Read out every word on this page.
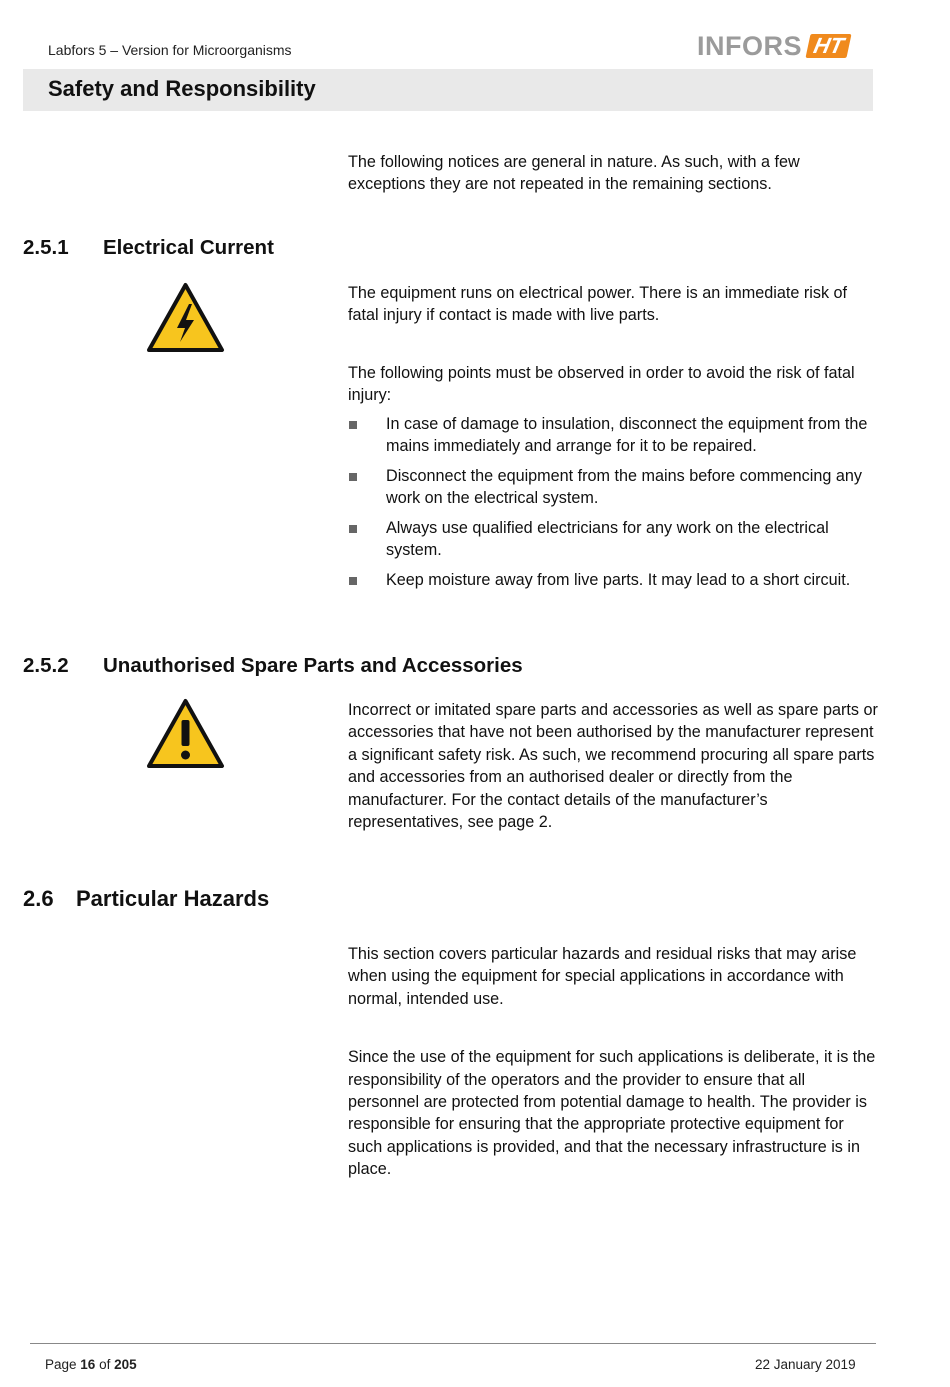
Labfors 5 – Version for Microorganisms	INFORS HT
Safety and Responsibility

The following notices are general in nature. As such, with a few exceptions they are not repeated in the remaining sections.

2.5.1 Electrical Current

The equipment runs on electrical power. There is an immediate risk of fatal injury if contact is made with live parts.

The following points must be observed in order to avoid the risk of fatal injury:

In case of damage to insulation, disconnect the equipment from the mains immediately and arrange for it to be repaired.
Disconnect the equipment from the mains before commencing any work on the electrical system.
Always use qualified electricians for any work on the electrical system.
Keep moisture away from live parts. It may lead to a short circuit.
2.5.2 Unauthorised Spare Parts and Accessories

Incorrect or imitated spare parts and accessories as well as spare parts or accessories that have not been authorised by the manufacturer represent a significant safety risk. As such, we recommend procuring all spare parts and accessories from an authorised dealer or directly from the manufacturer. For the contact details of the manufacturer’s representatives, see page 2.

2.6 Particular Hazards

This section covers particular hazards and residual risks that may arise when using the equipment for special applications in accordance with normal, intended use.

Since the use of the equipment for such applications is deliberate, it is the responsibility of the operators and the provider to ensure that all personnel are protected from potential damage to health. The provider is responsible for ensuring that the appropriate protective equipment for such applications is provided, and that the necessary infrastructure is in place.

Page 16 of 205	22 January 2019
